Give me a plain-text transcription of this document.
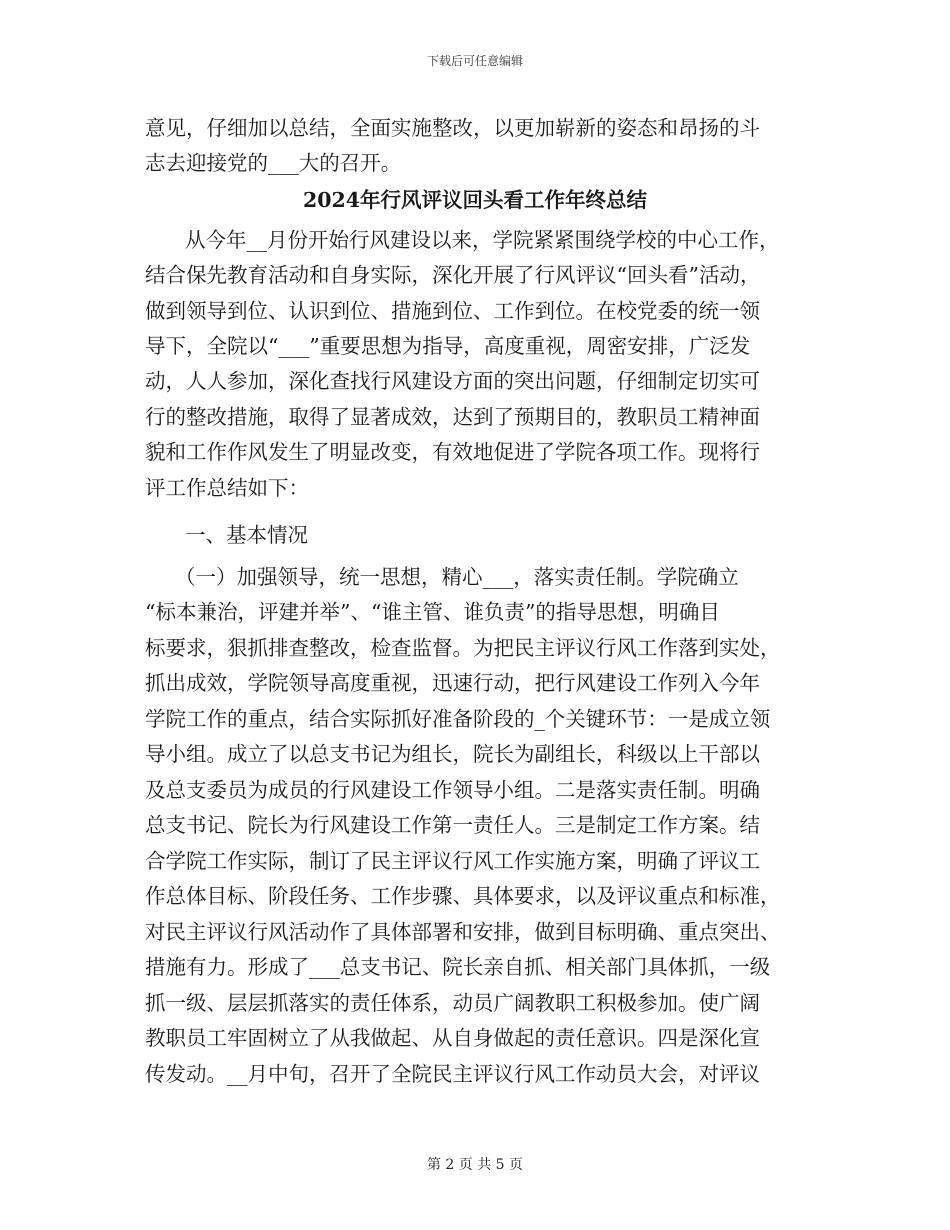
下载后可任意编辑
意见，仔细加以总结，全面实施整改，以更加崭新的姿态和昂扬的斗
志去迎接党的___大的召开。
2024年行风评议回头看工作年终总结
从今年__月份开始行风建设以来，学院紧紧围绕学校的中心工作，
结合保先教育活动和自身实际，深化开展了行风评议“回头看”活动，
做到领导到位、认识到位、措施到位、工作到位。在校党委的统一领
导下，全院以“___”重要思想为指导，高度重视，周密安排，广泛发
动，人人参加，深化查找行风建设方面的突出问题，仔细制定切实可
行的整改措施，取得了显著成效，达到了预期目的，教职员工精神面
貌和工作作风发生了明显改变，有效地促进了学院各项工作。现将行
评工作总结如下：
一、基本情况
（一）加强领导，统一思想，精心___，落实责任制。学院确立
“标本兼治，评建并举”、“谁主管、谁负责”的指导思想，明确目
标要求，狠抓排查整改，检查监督。为把民主评议行风工作落到实处，
抓出成效，学院领导高度重视，迅速行动，把行风建设工作列入今年
学院工作的重点，结合实际抓好准备阶段的_个关键环节：一是成立领
导小组。成立了以总支书记为组长，院长为副组长，科级以上干部以
及总支委员为成员的行风建设工作领导小组。二是落实责任制。明确
总支书记、院长为行风建设工作第一责任人。三是制定工作方案。结
合学院工作实际，制订了民主评议行风工作实施方案，明确了评议工
作总体目标、阶段任务、工作步骤、具体要求，以及评议重点和标准，
对民主评议行风活动作了具体部署和安排，做到目标明确、重点突出、
措施有力。形成了___总支书记、院长亲自抓、相关部门具体抓，一级
抓一级、层层抓落实的责任体系，动员广阔教职工积极参加。使广阔
教职员工牢固树立了从我做起、从自身做起的责任意识。四是深化宣
传发动。__月中旬，召开了全院民主评议行风工作动员大会，对评议
第 2 页 共 5 页
